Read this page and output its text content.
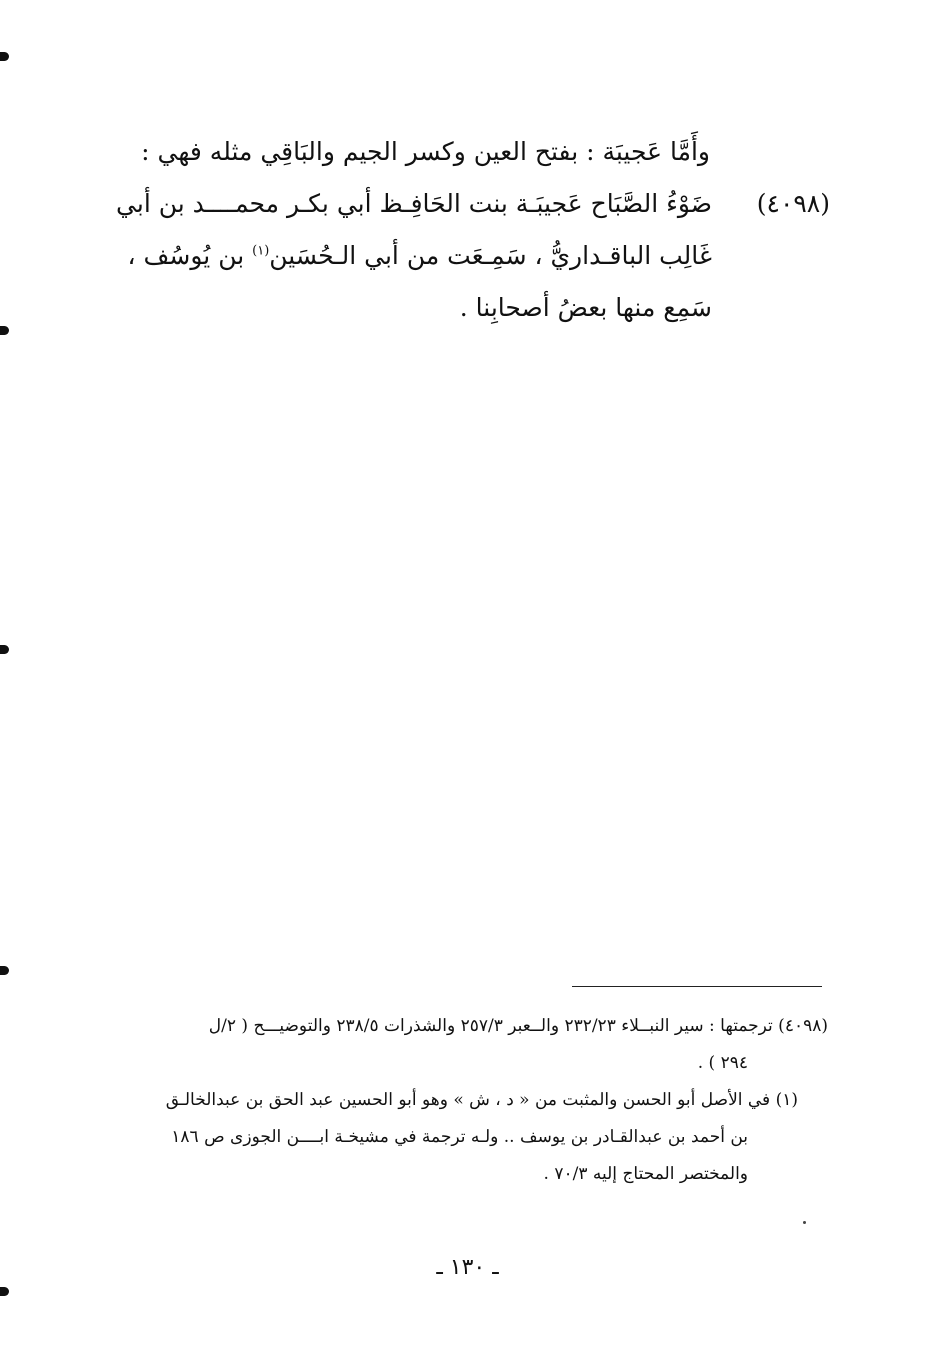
وأَمَّا عَجيبَة : بفتح العين وكسر الجيم والبَاقِي مثله فهي :
(٤٠٩٨)
ضَوْءُ الصَّبَاح عَجيبَـة بنت الحَافِـظ أبي بكـر محمــــد بن أبي
غَالِب الباقـداريُّ ، سَمِـعَت من أبي الـحُسَين$^{(١)}$ بن يُوسُف ،
سَمِع منها بعضُ أصحابِنا .
(٤٠٩٨) ترجمتها : سير النبــلاء ٢٣٢/٢٣ والــعبر ٢٥٧/٣ والشذرات ٢٣٨/٥ والتوضيـــح ( ٢/ل
٢٩٤ ) .
(١) في الأصل أبو الحسن والمثبت من « د ، ش » وهو أبو الحسين عبد الحق بن عبدالخالـق
بن أحمد بن عبدالقـادر بن يوسف .. ولـه ترجمة في مشيخـة ابــــن الجوزى ص ١٨٦
والمختصر المحتاج إليه ٧٠/٣ .
ـ ١٣٠ ـ
